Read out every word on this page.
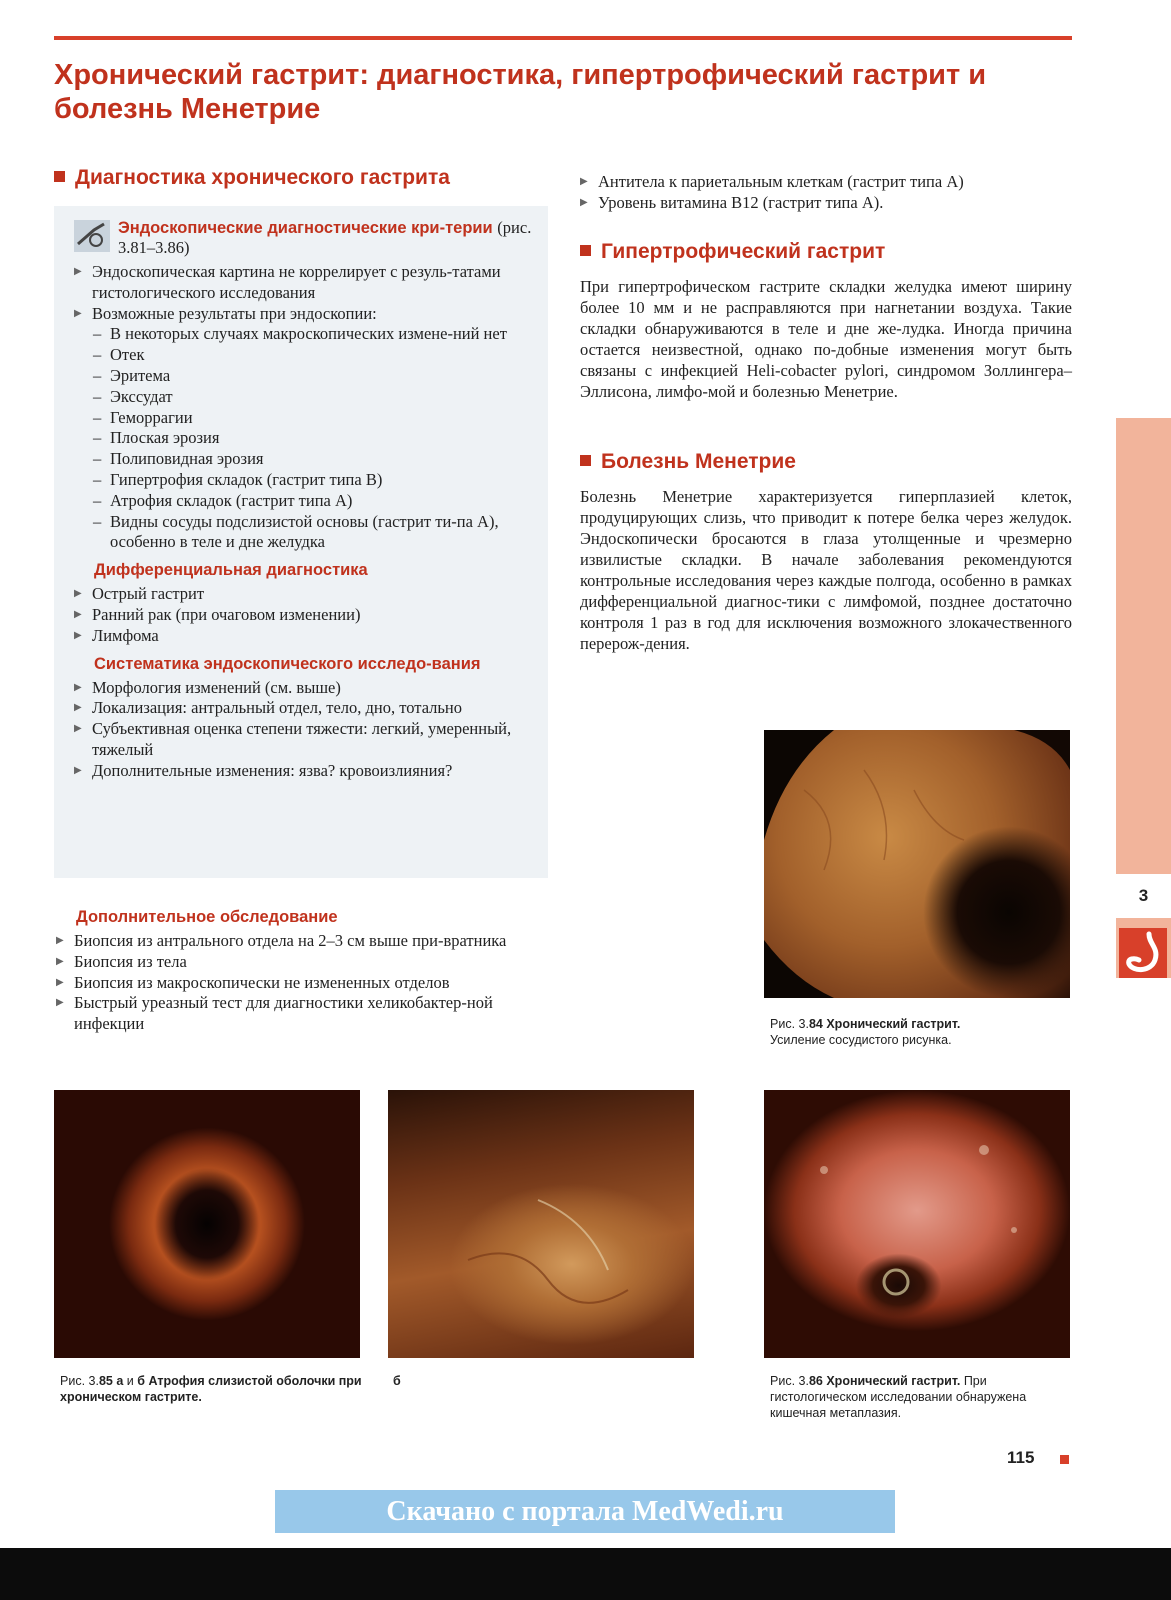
Хронический гастрит: диагностика, гипертрофический гастрит и болезнь Менетрие
Диагностика хронического гастрита
Эндоскопические диагностические кри-терии (рис. 3.81–3.86)
▶ Эндоскопическая картина не коррелирует с резуль-татами гистологического исследования
▶ Возможные результаты при эндоскопии:
– В некоторых случаях макроскопических измене-ний нет
– Отек
– Эритема
– Экссудат
– Геморрагии
– Плоская эрозия
– Полиповидная эрозия
– Гипертрофия складок (гастрит типа B)
– Атрофия складок (гастрит типа A)
– Видны сосуды подслизистой основы (гастрит ти-па A), особенно в теле и дне желудка
Дифференциальная диагностика
▶ Острый гастрит
▶ Ранний рак (при очаговом изменении)
▶ Лимфома
Систематика эндоскопического исследо-вания
▶ Морфология изменений (см. выше)
▶ Локализация: антральный отдел, тело, дно, тотально
▶ Субъективная оценка степени тяжести: легкий, умеренный, тяжелый
▶ Дополнительные изменения: язва? кровоизлияния?
Дополнительное обследование
▶ Биопсия из антрального отдела на 2–3 см выше при-вратника
▶ Биопсия из тела
▶ Биопсия из макроскопически не измененных отделов
▶ Быстрый уреазный тест для диагностики хеликобактер-ной инфекции
▶ Антитела к париетальным клеткам (гастрит типа А)
▶ Уровень витамина B12 (гастрит типа А).
Гипертрофический гастрит

При гипертрофическом гастрите складки желудка имеют ширину более 10 мм и не расправляются при нагнетании воздуха. Такие складки обнаруживаются в теле и дне же-лудка. Иногда причина остается неизвестной, однако по-добные изменения могут быть связаны с инфекцией Heli-cobacter pylori, синдромом Золлингера–Эллисона, лимфо-мой и болезнью Менетрие.

Болезнь Менетрие

Болезнь Менетрие характеризуется гиперплазией клеток, продуцирующих слизь, что приводит к потере белка через желудок. Эндоскопически бросаются в глаза утолщенные и чрезмерно извилистые складки. В начале заболевания рекомендуются контрольные исследования через каждые полгода, особенно в рамках дифференциальной диагнос-тики с лимфомой, позднее достаточно контроля 1 раз в год для исключения возможного злокачественного перерож-дения.

3
Рис. 3.84 Хронический гастрит.
Усиление сосудистого рисунка.
Рис. 3.85 а и б Атрофия слизистой оболочки при хроническом гастрите.
б	Рис. 3.86 Хронический гастрит. При гистологическом исследовании обнаружена кишечная метаплазия.
115
Скачано с портала MedWedi.ru
